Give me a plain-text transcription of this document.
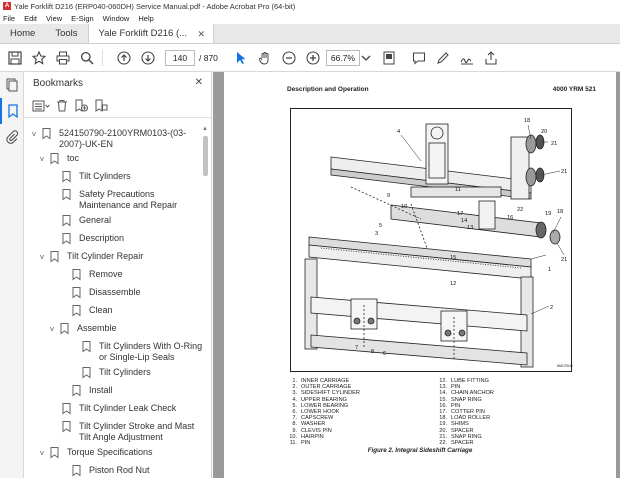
A Yale Forklift D216 (ERP040-060DH) Service Manual.pdf - Adobe Acrobat Pro (64-bit)
File Edit View E-Sign Window Help
Home	Tools	Yale Forklift D216 (... ✕
140	/ 870	66.7%
Bookmarks	✕
˅	524150790-2100YRM0103-(03-2007)-UK-EN
˅	toc
Tilt Cylinders
Safety Precautions Maintenance and Repair
General
Description
˅	Tilt Cylinder Repair
Remove
Disassemble
Clean
˅	Assemble
Tilt Cylinders With O-Ring or Single-Lip Seals
Tilt Cylinders
Install
Tilt Cylinder Leak Check
Tilt Cylinder Stroke and Mast Tilt Angle Adjustment
˅	Torque Specifications
Piston Rod Nut
▲
Description and Operation	4000 YRM 521
4
18
20
21
21
11
22
16
19 18
9
10
17
14
13
5
3
15	21
1
12
2
7
8 6
NM170040
1. INNER CARRIAGE
2. OUTER CARRIAGE
3. SIDESHIFT CYLINDER
4. UPPER BEARING
5. LOWER BEARING
6. LOWER HOOK
7. CAPSCREW
8. WASHER
9. CLEVIS PIN
10. HAIRPIN
11. PIN
12. LUBE FITTING
13. PIN
14. CHAIN ANCHOR
15. SNAP RING
16. PIN
17. COTTER PIN
18. LOAD ROLLER
19. SHIMS
20. SPACER
21. SNAP RING
22. SPACER
Figure 2. Integral Sideshift Carriage
